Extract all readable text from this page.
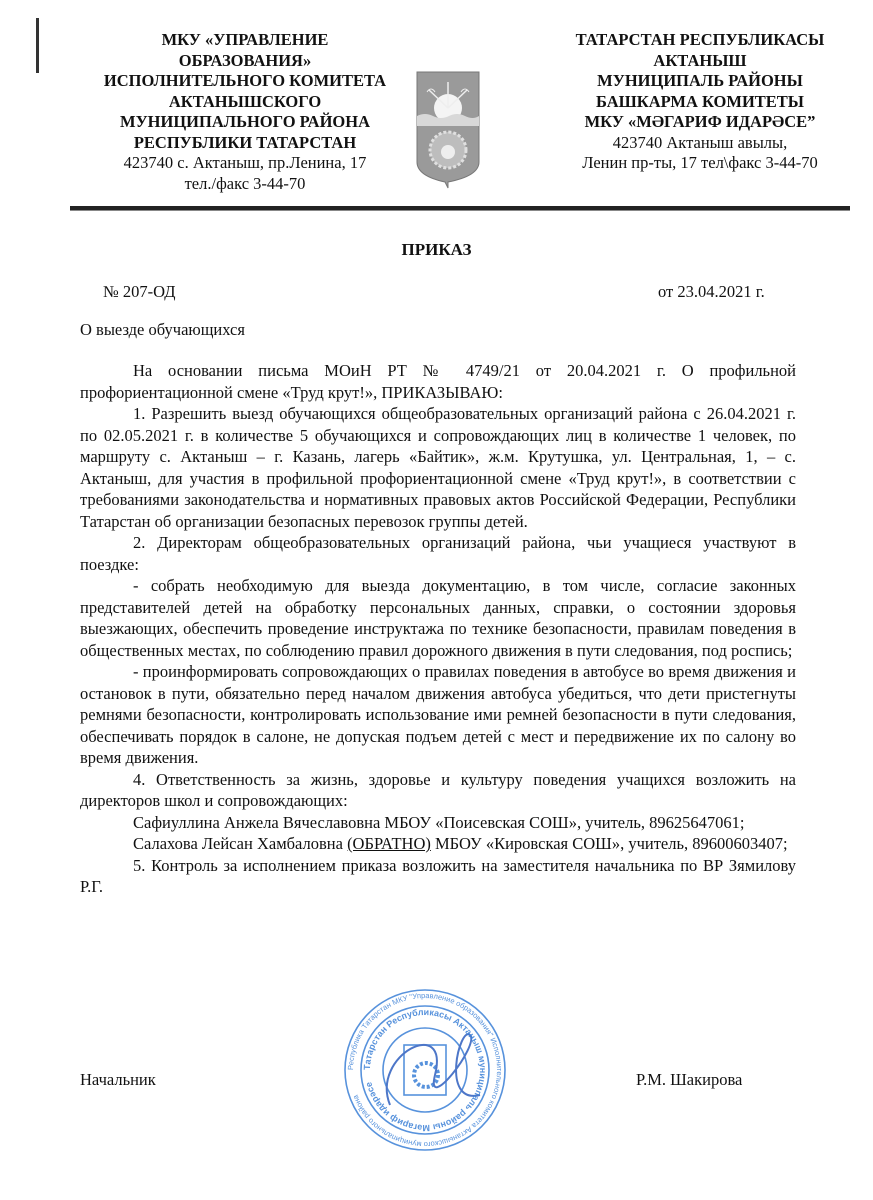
МКУ «УПРАВЛЕНИЕ
ОБРАЗОВАНИЯ»
ИСПОЛНИТЕЛЬНОГО КОМИТЕТА
АКТАНЫШСКОГО
МУНИЦИПАЛЬНОГО РАЙОНА
РЕСПУБЛИКИ ТАТАРСТАН
423740 с. Актаныш, пр.Ленина, 17
тел./факс 3-44-70
ТАТАРСТАН РЕСПУБЛИКАСЫ
АКТАНЫШ
МУНИЦИПАЛЬ РАЙОНЫ
БАШКАРМА КОМИТЕТЫ
МКУ «МӘГАРИФ ИДАРӘСЕ”
423740 Актаныш авылы,
Ленин пр-ты, 17 тел\факс 3-44-70
ПРИКАЗ
№ 207-ОД	от 23.04.2021 г.
О выезде обучающихся

На основании письма МОиН РТ № 4749/21 от 20.04.2021 г. О профильной профориентационной смене «Труд крут!», ПРИКАЗЫВАЮ:

1. Разрешить выезд обучающихся общеобразовательных организаций района с 26.04.2021 г. по 02.05.2021 г. в количестве 5 обучающихся и сопровождающих лиц в количестве 1 человек, по маршруту с. Актаныш – г. Казань, лагерь «Байтик», ж.м. Крутушка, ул. Центральная, 1, – с. Актаныш, для участия в профильной профориентационной смене «Труд крут!», в соответствии с требованиями законодательства и нормативных правовых актов Российской Федерации, Республики Татарстан об организации безопасных перевозок группы детей.

2. Директорам общеобразовательных организаций района, чьи учащиеся участвуют в поездке:

- собрать необходимую для выезда документацию, в том числе, согласие законных представителей детей на обработку персональных данных, справки, о состоянии здоровья выезжающих, обеспечить проведение инструктажа по технике безопасности, правилам поведения в общественных местах, по соблюдению правил дорожного движения в пути следования, под роспись;

- проинформировать сопровождающих о правилах поведения в автобусе во время движения и остановок в пути, обязательно перед началом движения автобуса убедиться, что дети пристегнуты ремнями безопасности, контролировать использование ими ремней безопасности в пути следования, обеспечивать порядок в салоне, не допуская подъем детей с мест и передвижение их по салону во время движения.

4. Ответственность за жизнь, здоровье и культуру поведения учащихся возложить на директоров школ и сопровождающих:

Сафиуллина Анжела Вячеславовна МБОУ «Поисевская СОШ», учитель, 89625647061;

Салахова Лейсан Хамбаловна (ОБРАТНО) МБОУ «Кировская СОШ», учитель, 89600603407;

5. Контроль за исполнением приказа возложить на заместителя начальника по ВР Зямилову Р.Г.

Республика Татарстан МКУ "Управление образования" Исполнительного комитета Актанышского муниципального района
Татарстан Республикасы Актаныш муниципаль районы Мәгариф идарәсе
Начальник	Р.М. Шакирова
